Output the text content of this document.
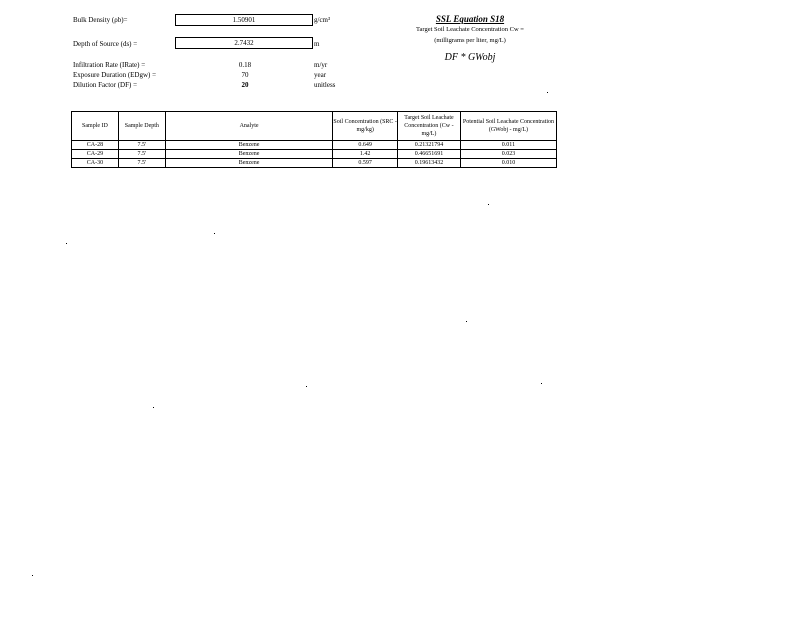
Bulk Density (ρb)=	1.50901	g/cm³
Depth of Source (ds) =	2.7432	m
Infiltration Rate (IRate) =	0.18	m/yr
Exposure Duration (EDgw) =	70	year
Dilution Factor (DF) =	20	unitless
SSL Equation S18
Target Soil Leachate Concentration Cw =
(milligrams per liter, mg/L)
DF * GWobj
Sample ID	Sample Depth	Analyte	Soil Concentration (SRC - mg/kg)	Target Soil Leachate Concentration (Cw - mg/L)	Potential Soil Leachate Concentration (GWobj - mg/L)
CA-28	7.5'	Benzene	0.649	0.21321794	0.011
CA-29	7.5'	Benzene	1.42	0.46651691	0.023
CA-30	7.5'	Benzene	0.597	0.19613432	0.010
